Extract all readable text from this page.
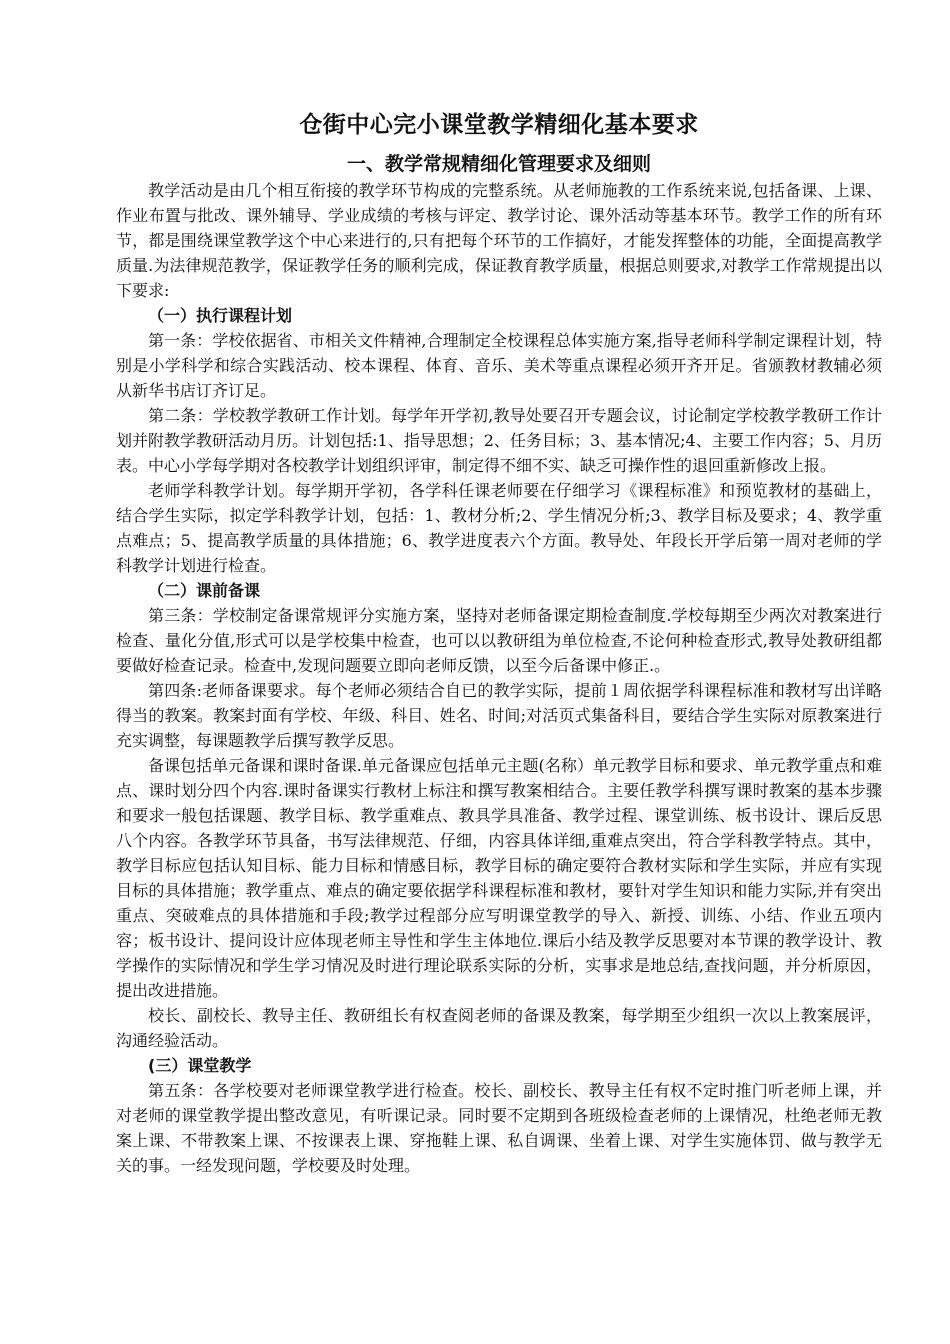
仓街中心完小课堂教学精细化基本要求
一、教学常规精细化管理要求及细则

教学活动是由几个相互衔接的教学环节构成的完整系统。从老师施教的工作系统来说,包括备课、上课、作业布置与批改、课外辅导、学业成绩的考核与评定、教学讨论、课外活动等基本环节。教学工作的所有环节，都是围绕课堂教学这个中心来进行的,只有把每个环节的工作搞好，才能发挥整体的功能，全面提高教学质量.为法律规范教学，保证教学任务的顺利完成，保证教育教学质量，根据总则要求,对教学工作常规提出以下要求:

（一）执行课程计划

第一条：学校依据省、市相关文件精神,合理制定全校课程总体实施方案,指导老师科学制定课程计划，特别是小学科学和综合实践活动、校本课程、体育、音乐、美术等重点课程必须开齐开足。省颁教材教辅必须从新华书店订齐订足。

第二条：学校教学教研工作计划。每学年开学初,教导处要召开专题会议，讨论制定学校教学教研工作计划并附教学教研活动月历。计划包括:1、指导思想；2、任务目标；3、基本情况;4、主要工作内容；5、月历表。中心小学每学期对各校教学计划组织评审，制定得不细不实、缺乏可操作性的退回重新修改上报。

老师学科教学计划。每学期开学初，各学科任课老师要在仔细学习《课程标准》和预览教材的基础上，结合学生实际，拟定学科教学计划，包括：1、教材分析;2、学生情况分析;3、教学目标及要求；4、教学重点难点；5、提高教学质量的具体措施；6、教学进度表六个方面。教导处、年段长开学后第一周对老师的学科教学计划进行检查。

（二）课前备课

第三条：学校制定备课常规评分实施方案，坚持对老师备课定期检查制度.学校每期至少两次对教案进行检查、量化分值,形式可以是学校集中检查，也可以以教研组为单位检查,不论何种检查形式,教导处教研组都要做好检查记录。检查中,发现问题要立即向老师反馈，以至今后备课中修正.。

第四条:老师备课要求。每个老师必须结合自已的教学实际，提前１周依据学科课程标准和教材写出详略得当的教案。教案封面有学校、年级、科目、姓名、时间;对活页式集备科目，要结合学生实际对原教案进行充实调整，每课题教学后撰写教学反思。

备课包括单元备课和课时备课.单元备课应包括单元主题(名称）单元教学目标和要求、单元教学重点和难点、课时划分四个内容.课时备课实行教材上标注和撰写教案相结合。主要任教学科撰写课时教案的基本步骤和要求一般包括课题、教学目标、教学重难点、教具学具准备、教学过程、课堂训练、板书设计、课后反思八个内容。各教学环节具备，书写法律规范、仔细，内容具体详细,重难点突出，符合学科教学特点。其中，教学目标应包括认知目标、能力目标和情感目标，教学目标的确定要符合教材实际和学生实际，并应有实现目标的具体措施；教学重点、难点的确定要依据学科课程标准和教材，要针对学生知识和能力实际,并有突出重点、突破难点的具体措施和手段;教学过程部分应写明课堂教学的导入、新授、训练、小结、作业五项内容；板书设计、提问设计应体现老师主导性和学生主体地位.课后小结及教学反思要对本节课的教学设计、教学操作的实际情况和学生学习情况及时进行理论联系实际的分析，实事求是地总结,查找问题，并分析原因，提出改进措施。

校长、副校长、教导主任、教研组长有权查阅老师的备课及教案，每学期至少组织一次以上教案展评，沟通经验活动。

(三）课堂教学

第五条：各学校要对老师课堂教学进行检查。校长、副校长、教导主任有权不定时推门听老师上课，并对老师的课堂教学提出整改意见，有听课记录。同时要不定期到各班级检查老师的上课情况，杜绝老师无教案上课、不带教案上课、不按课表上课、穿拖鞋上课、私自调课、坐着上课、对学生实施体罚、做与教学无关的事。一经发现问题，学校要及时处理。
